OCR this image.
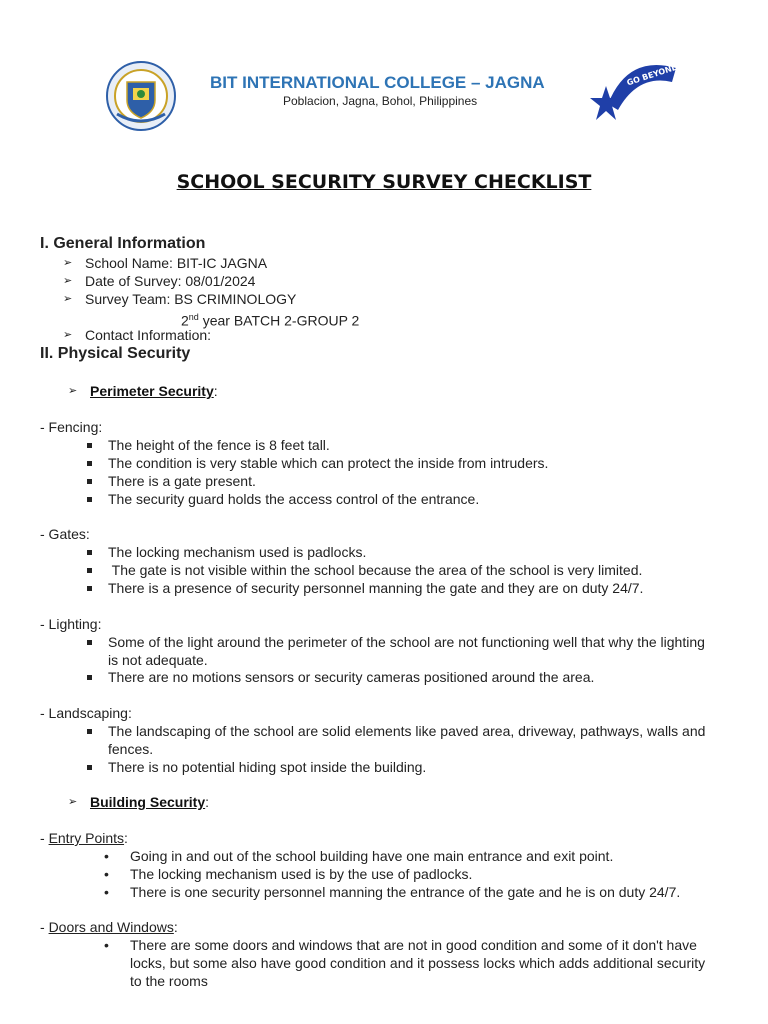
BIT INTERNATIONAL COLLEGE – JAGNA
Poblacion, Jagna, Bohol, Philippines
GO BEYOND
SCHOOL SECURITY SURVEY CHECKLIST
I. General Information
➢ School Name: BIT-IC JAGNA
➢ Date of Survey: 08/01/2024
➢ Survey Team: BS CRIMINOLOGY
2nd year BATCH 2-GROUP 2
➢ Contact Information:
II. Physical Security
➢ Perimeter Security:
- Fencing:
The height of the fence is 8 feet tall.
The condition is very stable which can protect the inside from intruders.
There is a gate present.
The security guard holds the access control of the entrance.
- Gates:
The locking mechanism used is padlocks.
The gate is not visible within the school because the area of the school is very limited.
There is a presence of security personnel manning the gate and they are on duty 24/7.
- Lighting:
Some of the light around the perimeter of the school are not functioning well that why the lighting is not adequate.
There are no motions sensors or security cameras positioned around the area.
- Landscaping:
The landscaping of the school are solid elements like paved area, driveway, pathways, walls and fences.
There is no potential hiding spot inside the building.
➢ Building Security:
- Entry Points:
• Going in and out of the school building have one main entrance and exit point.
• The locking mechanism used is by the use of padlocks.
• There is one security personnel manning the entrance of the gate and he is on duty 24/7.
- Doors and Windows:
• There are some doors and windows that are not in good condition and some of it don't have locks, but some also have good condition and it possess locks which adds additional security to the rooms
